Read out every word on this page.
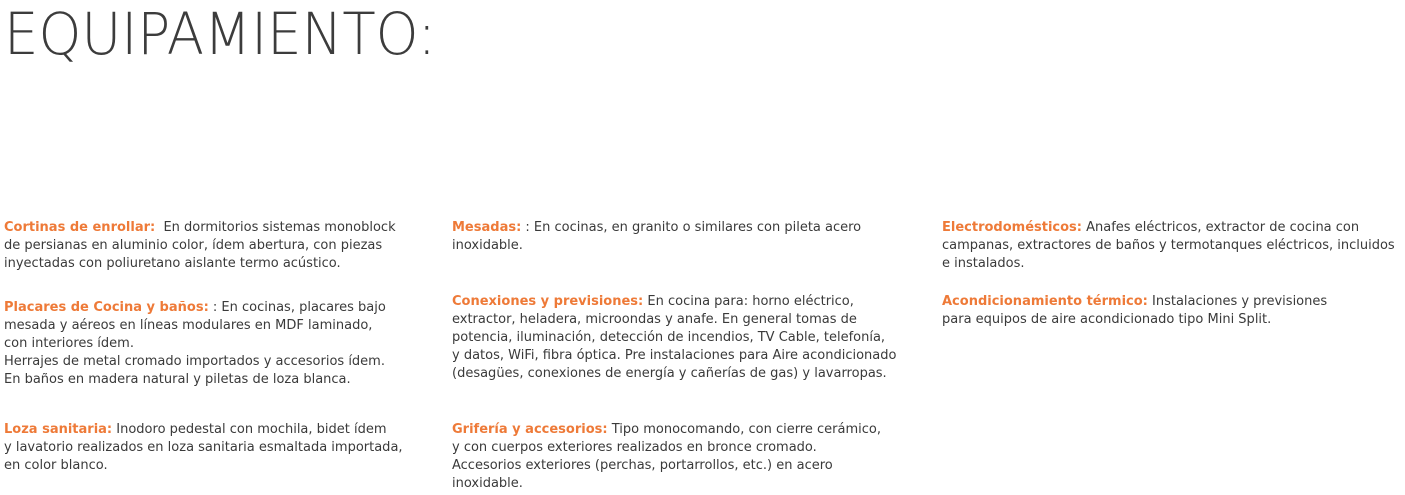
EQUIPAMIENTO:

Cortinas de enrollar:  En dormitorios sistemas monoblock

de persianas en aluminio color, ídem abertura, con piezas

inyectadas con poliuretano aislante termo acústico.

Placares de Cocina y baños: : En cocinas, placares bajo

mesada y aéreos en líneas modulares en MDF laminado,

con interiores ídem.

Herrajes de metal cromado importados y accesorios ídem.

En baños en madera natural y piletas de loza blanca.

Loza sanitaria: Inodoro pedestal con mochila, bidet ídem

y lavatorio realizados en loza sanitaria esmaltada importada,

en color blanco.

Mesadas: : En cocinas, en granito o similares con pileta acero

inoxidable.

Conexiones y previsiones: En cocina para: horno eléctrico,

extractor, heladera, microondas y anafe. En general tomas de

potencia, iluminación, detección de incendios, TV Cable, telefonía,

y datos, WiFi, fibra óptica. Pre instalaciones para Aire acondicionado

(desagües, conexiones de energía y cañerías de gas) y lavarropas.

Grifería y accesorios: Tipo monocomando, con cierre cerámico,

y con cuerpos exteriores realizados en bronce cromado.

Accesorios exteriores (perchas, portarrollos, etc.) en acero

inoxidable.

Electrodomésticos: Anafes eléctricos, extractor de cocina con

campanas, extractores de baños y termotanques eléctricos, incluidos

e instalados.

Acondicionamiento térmico: Instalaciones y previsiones

para equipos de aire acondicionado tipo Mini Split.
